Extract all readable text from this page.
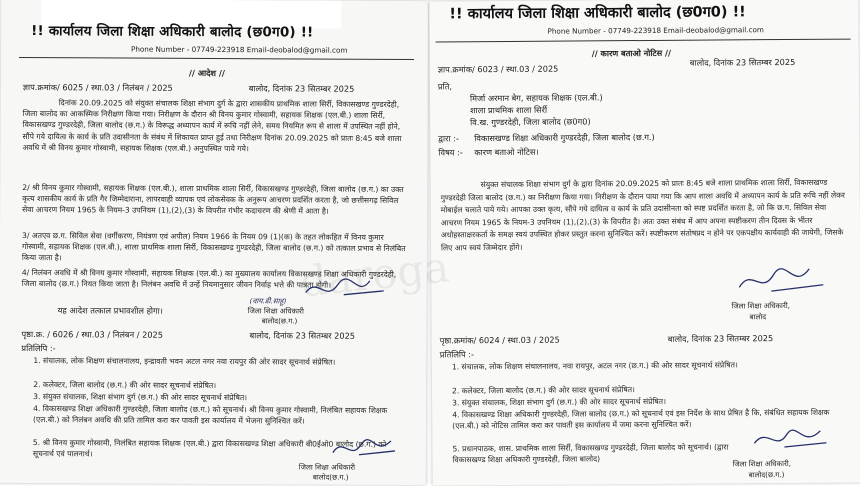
!! कार्यालय जिला शिक्षा अधिकारी बालोद (छ0ग0) !!
Phone Number - 07749-223918 Email-deobalod@gmail.com
// आदेश //
ज्ञाप.क्रमांक/ 6025 / स्था.03 / निलंबन / 2025	बालोद, दिनांक 23 सितम्बर 2025
दिनांक 20.09.2025 को संयुक्त संचालक शिक्षा संभाग दुर्ग के द्वारा शासकीय प्राथमिक शाला सिर्री, विकासखण्ड गुण्डरदेही, जिला बालोद का आकस्मिक निरीक्षण किया गया। निरीक्षण के दौरान श्री विनय कुमार गोस्वामी, सहायक शिक्षक (एल.बी.) शाला सिर्री, विकासखण्ड गुण्डरदेही, जिला बालोद (छ.ग.) के विरूद्ध अध्यापन कार्य में रूचि नहीं लेने, समय नियमित रूप से शाला में उपस्थित नहीं होने, सौंपे गये दायित्व के कार्य के प्रति उदासीनता के संबंध में शिकायत प्राप्त हुई तथा निरीक्षण दिनांक 20.09.2025 को प्रातः 8:45 बजे शाला अवधि में श्री विनय कुमार गोस्वामी, सहायक शिक्षक (एल.बी.) अनुपस्थित पाये गये।
2/ श्री विनय कुमार गोस्वामी, सहायक शिक्षक (एल.बी.), शाला प्राथमिक शाला सिर्री, विकासखण्ड गुण्डरदेही, जिला बालोद (छ.ग.) का उक्त कृत्य शासकीय कार्य के प्रति गैर जिम्मेदाराना, लापरवाही व्यापक एवं लोकसेवक के अनुरूप आचरण प्रदर्शित करता है, जो छत्तीसगढ़ सिविल सेवा आचरण नियम 1965 के नियम-3 उपनियम (1),(2),(3) के विपरीत गंभीर कदाचरण की श्रेणी में आता है।
3/ अतएव छ.ग. सिविल सेवा (वर्गीकरण, नियंत्रण एवं अपील) नियम 1966 के नियम 09 (1)(क) के तहत लोकहित में विनय कुमार गोस्वामी, सहायक शिक्षक (एल.बी.), शाला प्राथमिक शाला सिर्री, विकासखण्ड गुण्डरदेही, जिला बालोद (छ.ग.) को तत्काल प्रभाव से निलंबित किया जाता है।
4/ निलंबन अवधि में श्री विनय कुमार गोस्वामी, सहायक शिक्षक (एल.बी.) का मुख्यालय कार्यालय विकासखण्ड शिक्षा अधिकारी गुण्डरदेही, जिला बालोद (छ.ग.) नियत किया जाता है। निलंबन अवधि में उन्हें नियमानुसार जीवन निर्वाह भत्ते की पात्रता होगी।
यह आदेश तत्काल प्रभावशील होगा।
(वाय.डी.साहू)
जिला शिक्षा अधिकारी
बालोद(छ.ग.)
पृष्ठा.क्र. / 6026 / स्था.03 / निलंबन / 2025	बालोद, दिनांक 23 सितम्बर 2025
प्रतिलिपि :-
1. संचालक, लोक शिक्षण संचालनालय, इन्द्रावती भवन अटल नगर नवा रायपुर की ओर सादर सूचनार्थ संप्रेषित।
2. कलेक्टर, जिला बालोद (छ.ग.) की ओर सादर सूचनार्थ संप्रेषित।
3. संयुक्त संचालक, शिक्षा संभाग दुर्ग (छ.ग.) की ओर सादर सूचनार्थ संप्रेषित।
4. विकासखण्ड शिक्षा अधिकारी गुण्डरदेही, जिला बालोद (छ.ग.) को सूचनार्थ। श्री विनय कुमार गोस्वामी, निलंबित सहायक शिक्षक (एल.बी.) को निलंबन अवधि की प्रति तामिल करा कर पावती इस कार्यालय में भेजना सुनिश्चित करें।
5. श्री विनय कुमार गोस्वामी, निलंबित सहायक शिक्षक (एल.बी.) द्वारा विकासखण्ड शिक्षा अधिकारी बी0ईओ0 बालोद (छ.ग.) को सूचनार्थ एवं पालनार्थ।
जिला शिक्षा अधिकारी
बालोद(छ.ग.)
!! कार्यालय जिला शिक्षा अधिकारी बालोद (छ0ग0) !!
Phone Number - 07749-223918 Email-deobalod@gmail.com
// कारण बताओ नोटिस //
ज्ञाप.क्रमांक/ 6023 / स्था.03 / 2025
बालोद, दिनांक 23 सितम्बर 2025
प्रति,
मिर्जा अरमान बेग, सहायक शिक्षक (एल.बी.)
शाला प्राथमिक शाला सिर्री
वि.ख. गुण्डरदेही, जिला बालोद (छ0ग0)
द्वारा :- विकासखण्ड शिक्षा अधिकारी गुण्डरदेही, जिला बालोद (छ.ग.)
विषय :- कारण बताओ नोटिस।
संयुक्त संचालक शिक्षा संभाग दुर्ग के द्वारा दिनांक 20.09.2025 को प्रातः 8:45 बजे शाला प्राथमिक शाला सिर्री, विकासखण्ड गुण्डरदेही जिला बालोद (छ.ग.) का निरीक्षण किया गया। निरीक्षण के दौरान पाया गया कि आप शाला अवधि में अध्यापन कार्य के प्रति रूचि नहीं लेकर मोबाईल चलाते पाये गये। आपका उक्त कृत्य, सौंपे गये दायित्व व कार्य के प्रति उदासीनता को स्पष्ट प्रदर्शित करता है, जो कि छ.ग. सिविल सेवा आचरण नियम 1965 के नियम-3 उपनियम (1),(2),(3) के विपरीत है। अतः उक्त संबंध में आप अपना स्पष्टीकरण तीन दिवस के भीतर अधोहस्ताक्षरकर्ता के समक्ष स्वयं उपस्थित होकर प्रस्तुत करना सुनिश्चित करें। स्पष्टीकरण संतोषप्रद न होने पर एकपक्षीय कार्यवाही की जायेगी, जिसके लिए आप स्वयं जिम्मेदार होंगे।
जिला शिक्षा अधिकारी,
बालोद
पृष्ठा.क्रमांक/ 6024 / स्था.03 / 2025	बालोद, दिनांक 23 सितम्बर 2025
प्रतिलिपि :-
1. संचालक, लोक शिक्षण संचालनालय, नवा रायपुर, अटल नगर (छ.ग.) की ओर सादर सूचनार्थ संप्रेषित।
2. कलेक्टर, जिला बालोद (छ.ग.) की ओर सादर सूचनार्थ संप्रेषित।
3. संयुक्त संचालक, शिक्षा संभाग दुर्ग (छ.ग.) की ओर सादर सूचनार्थ संप्रेषित।
4. विकासखण्ड शिक्षा अधिकारी गुण्डरदेही, जिला बालोद (छ.ग.) को सूचनार्थ एवं इस निर्देश के साथ प्रेषित है कि, संबंधित सहायक शिक्षक (एल.बी.) को नोटिस तामिल करा कर पावती इस कार्यालय में जमा करना सुनिश्चित करें।
5. प्रधानपाठक, शास. प्राथमिक शाला सिर्री, विकासखण्ड गुण्डरदेही, जिला बालोद को सूचनार्थ। (द्वारा विकासखण्ड शिक्षा अधिकारी गुण्डरदेही, जिला बालोद)	जिला शिक्षा अधिकारी,
बालोद(छ.ग.)
daroga
